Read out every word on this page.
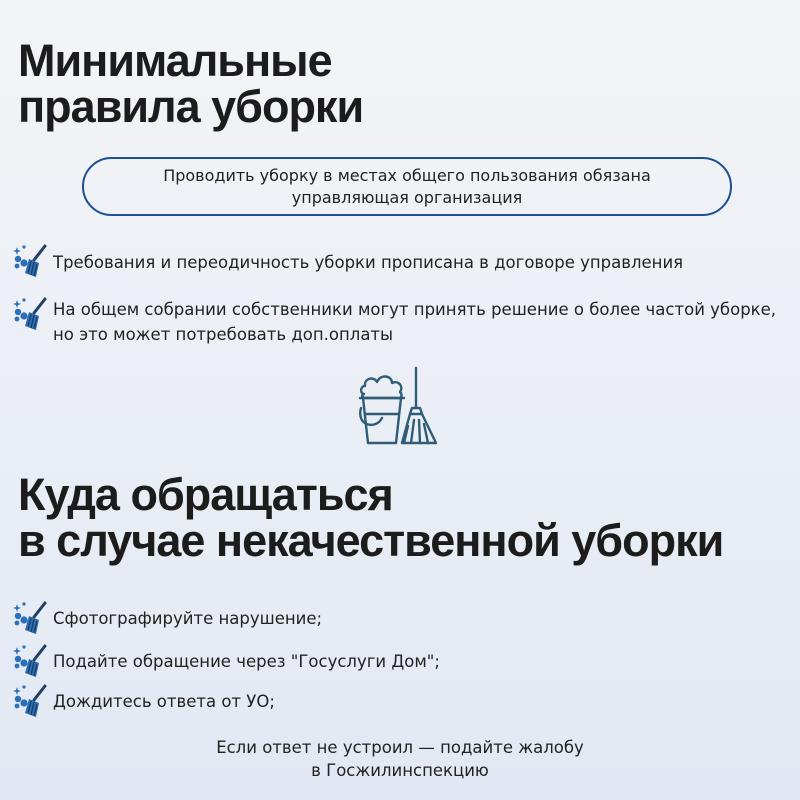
Минимальные
правила уборки
Проводить уборку в местах общего пользования обязана
управляющая организация
Требования и переодичность уборки прописана в договоре управления
На общем собрании собственники могут принять решение о более частой уборке, но это может потребовать доп.оплаты
Куда обращаться
в случае некачественной уборки
Сфотографируйте нарушение;
Подайте обращение через "Госуслуги Дом";
Дождитесь ответа от УО;
Если ответ не устроил — подайте жалобу
в Госжилинспекцию
